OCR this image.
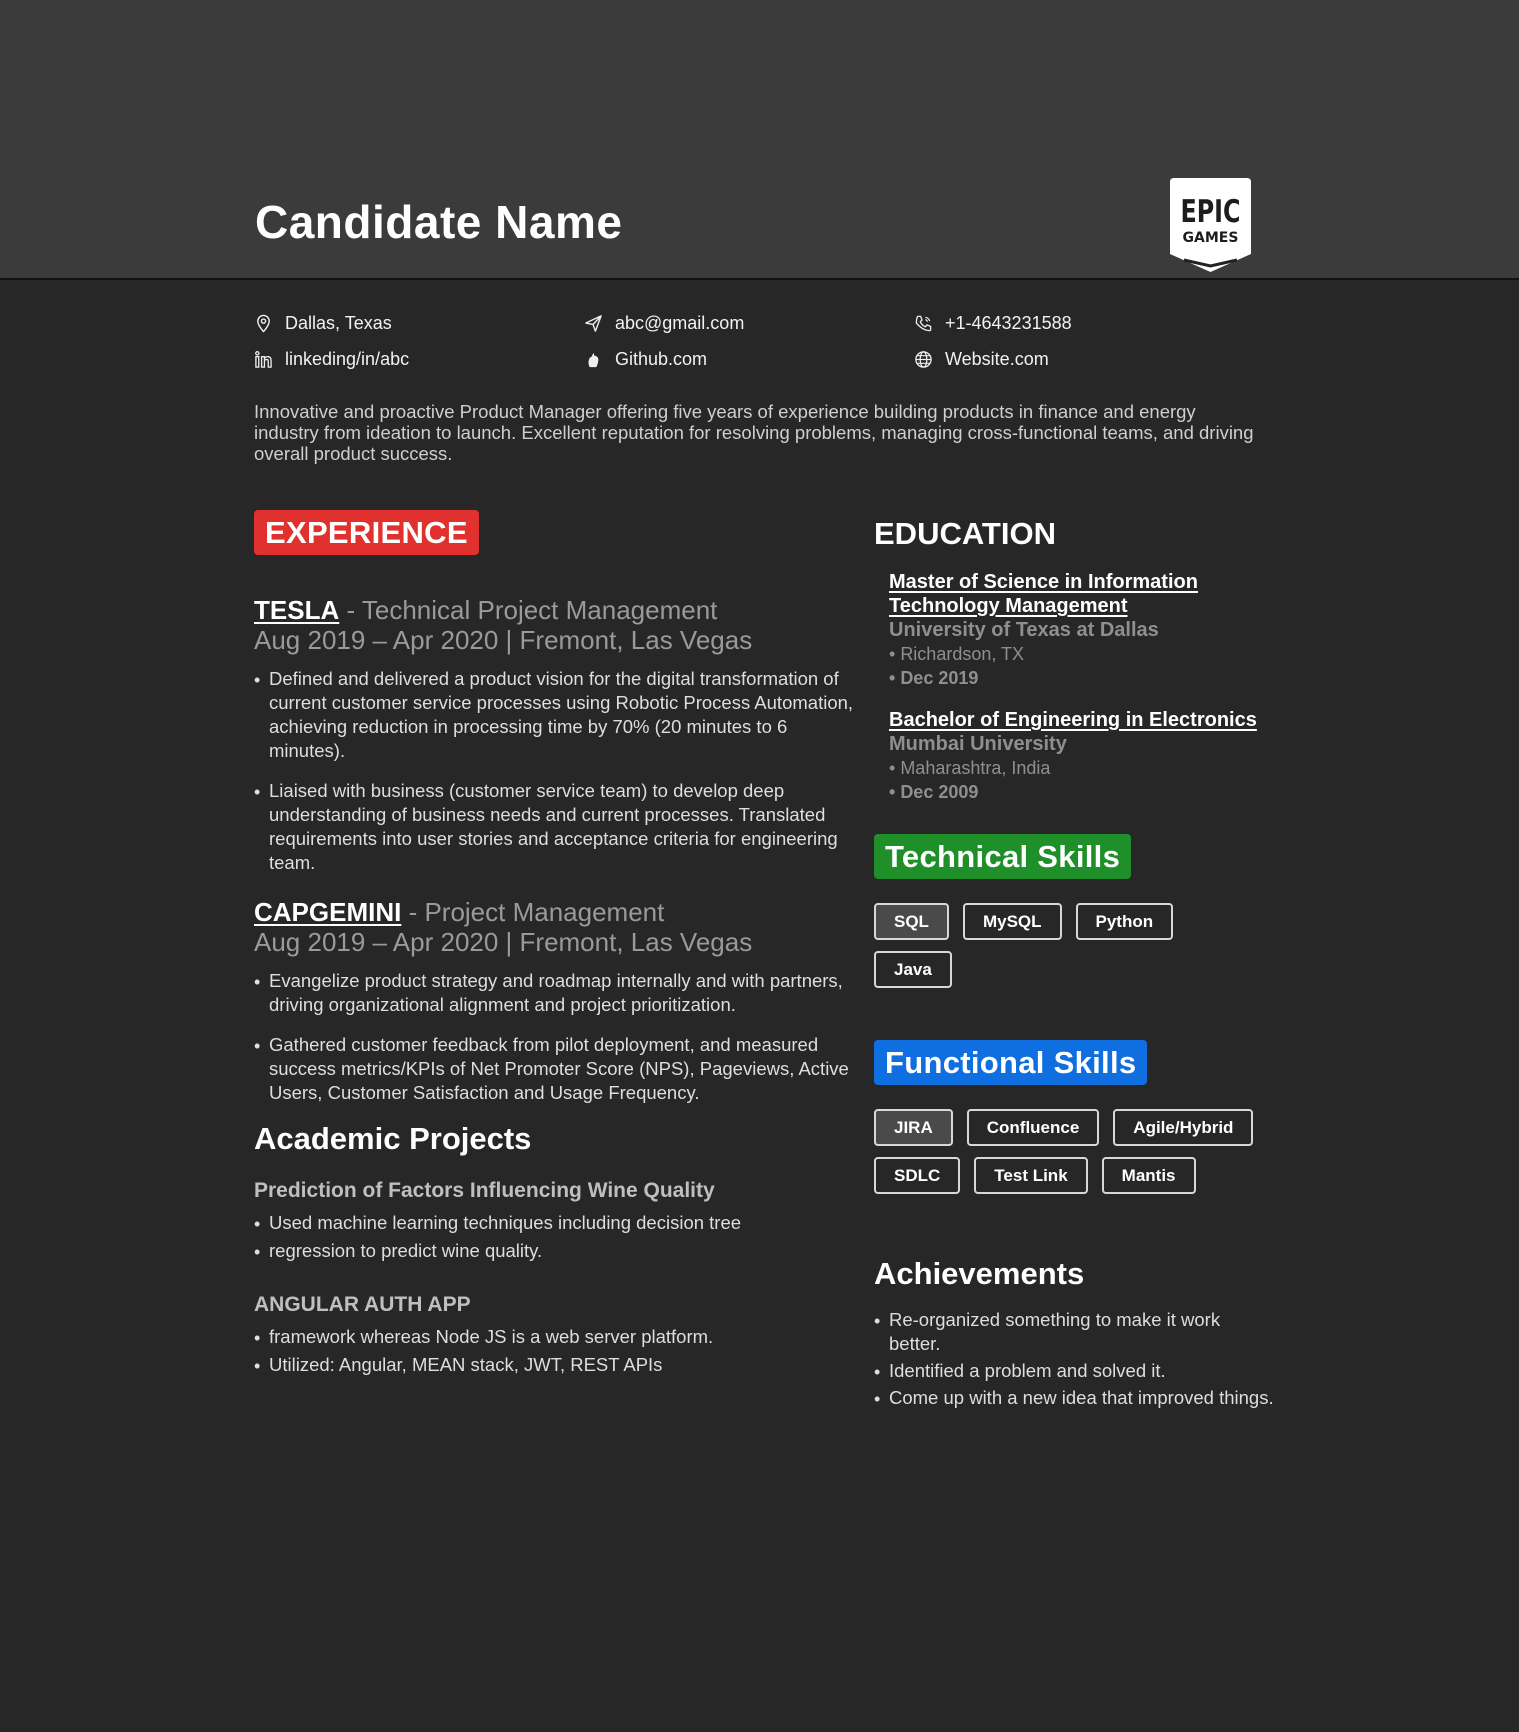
Candidate Name	EPIC
GAMES
Dallas, Texas	abc@gmail.com	+1-4643231588
linkeding/in/abc	Github.com	Website.com

Innovative and proactive Product Manager offering five years of experience building products in finance and energy industry from ideation to launch. Excellent reputation for resolving problems, managing cross-functional teams, and driving overall product success.

EXPERIENCE
TESLA - Technical Project Management
Aug 2019 – Apr 2020 | Fremont, Las Vegas
• Defined and delivered a product vision for the digital transformation of current customer service processes using Robotic Process Automation, achieving reduction in processing time by 70% (20 minutes to 6 minutes).
• Liaised with business (customer service team) to develop deep understanding of business needs and current processes. Translated requirements into user stories and acceptance criteria for engineering team.
CAPGEMINI - Project Management
Aug 2019 – Apr 2020 | Fremont, Las Vegas
• Evangelize product strategy and roadmap internally and with partners, driving organizational alignment and project prioritization.
• Gathered customer feedback from pilot deployment, and measured success metrics/KPIs of Net Promoter Score (NPS), Pageviews, Active Users, Customer Satisfaction and Usage Frequency.
Academic Projects
Prediction of Factors Influencing Wine Quality
• Used machine learning techniques including decision tree
• regression to predict wine quality.
ANGULAR AUTH APP
• framework whereas Node JS is a web server platform.
• Utilized: Angular, MEAN stack, JWT, REST APIs
EDUCATION
Master of Science in Information Technology Management
University of Texas at Dallas
• Richardson, TX
• Dec 2019
Bachelor of Engineering in Electronics
Mumbai University
• Maharashtra, India
• Dec 2009
Technical Skills
SQL	MySQL	Python
Java
Functional Skills
JIRA	Confluence	Agile/Hybrid
SDLC	Test Link	Mantis
Achievements
• Re-organized something to make it work better.
• Identified a problem and solved it.
• Come up with a new idea that improved things.
